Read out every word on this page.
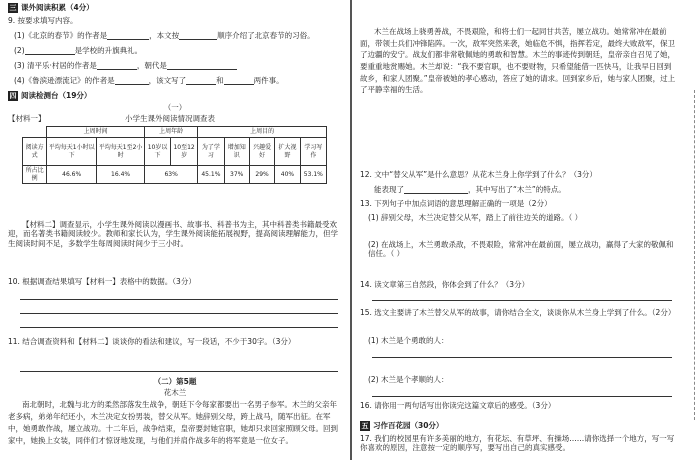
三 课外阅读积累（4分）
9. 按要求填写内容。
(1)《北京的春节》的作者是	，本文按	顺序介绍了北京春节的习俗。
(2)	是学校的升旗典礼。
(3) 清平乐·村居的作者是	，朝代是
(4)《鲁滨逊漂流记》的作者是	，该文写了	和	两件事。
四 阅读检测台（19分）
（一）
【材料一】	小学生课外阅读情况调查表
	上周时间		上周年龄		上周目的				
阅读方式	平均每天1小时以下	平均每天1至2小时	10岁以下	10至12岁	为了学习	增加知识	兴趣爱好	扩大视野	学习写作
所占比例	46.6%	16.4%	63%		45.1%	37%	29%	40%	53.1%
【材料二】调查显示，小学生课外阅读以漫画书、故事书、科普书为主，其中科普类书籍最受欢迎，而名著类书籍阅读较少。教师和家长认为，学生课外阅读能拓展视野，提高阅读理解能力，但学生阅读时间不足，多数学生每周阅读时间少于三小时。
10. 根据调查结果填写【材料一】表格中的数据。（3分）
11. 结合调查资料和【材料二】谈谈你的看法和建议，写一段话，不少于30字。（3分）
（二）第5题
花木兰
南北朝时，北魏与北方的柔然部落发生战争，朝廷下令每家都要出一名男子参军。木兰的父亲年老多病，弟弟年纪还小，木兰决定女扮男装，替父从军。她辞别父母，跨上战马，随军出征。在军中，她勇敢作战，屡立战功。十二年后，战争结束，皇帝要封她官职，她却只求回家照顾父母。回到家中，她换上女装，同伴们才惊讶地发现，与他们并肩作战多年的将军竟是一位女子。
木兰在战场上骁勇善战，不畏艰险，和将士们一起同甘共苦，屡立战功。她常常冲在最前面，带领士兵们冲锋陷阵。一次，敌军突然来袭，她临危不惧，指挥若定，最终大败敌军，保卫了边疆的安宁。战友们都非常敬佩她的勇敢和智慧。木兰的事迹传到朝廷，皇帝亲自召见了她，要重重地赏赐她。木兰却说：“我不要官职，也不要财物，只希望能借一匹快马，让我早日回到故乡，和家人团聚。”皇帝被她的孝心感动，答应了她的请求。回到家乡后，她与家人团聚，过上了平静幸福的生活。
12. 文中“替父从军”是什么意思？从花木兰身上你学到了什么？（3分）
能表现了	，其中写出了“木兰”的特点。
13. 下列句子中加点词语的意思理解正确的一项是（2分）
(1) 辞别父母，木兰决定替父从军，踏上了前往边关的道路。（ ）
(2) 在战场上，木兰勇敢杀敌，不畏艰险，常常冲在最前面，屡立战功，赢得了大家的敬佩和信任。（ ）
14. 读文章第三自然段，你体会到了什么？（3分）
15. 选文主要讲了木兰替父从军的故事，请你结合全文，谈谈你从木兰身上学到了什么。（2分）
(1) 木兰是个勇敢的人：
(2) 木兰是个孝顺的人：
16. 请你用一两句话写出你读完这篇文章后的感受。（3分）
五 习作百花园（30分）
17. 我们的校园里有许多美丽的地方，有花坛、有草坪、有操场……请你选择一个地方，写一写你喜欢的原因，注意按一定的顺序写，要写出自己的真实感受。
